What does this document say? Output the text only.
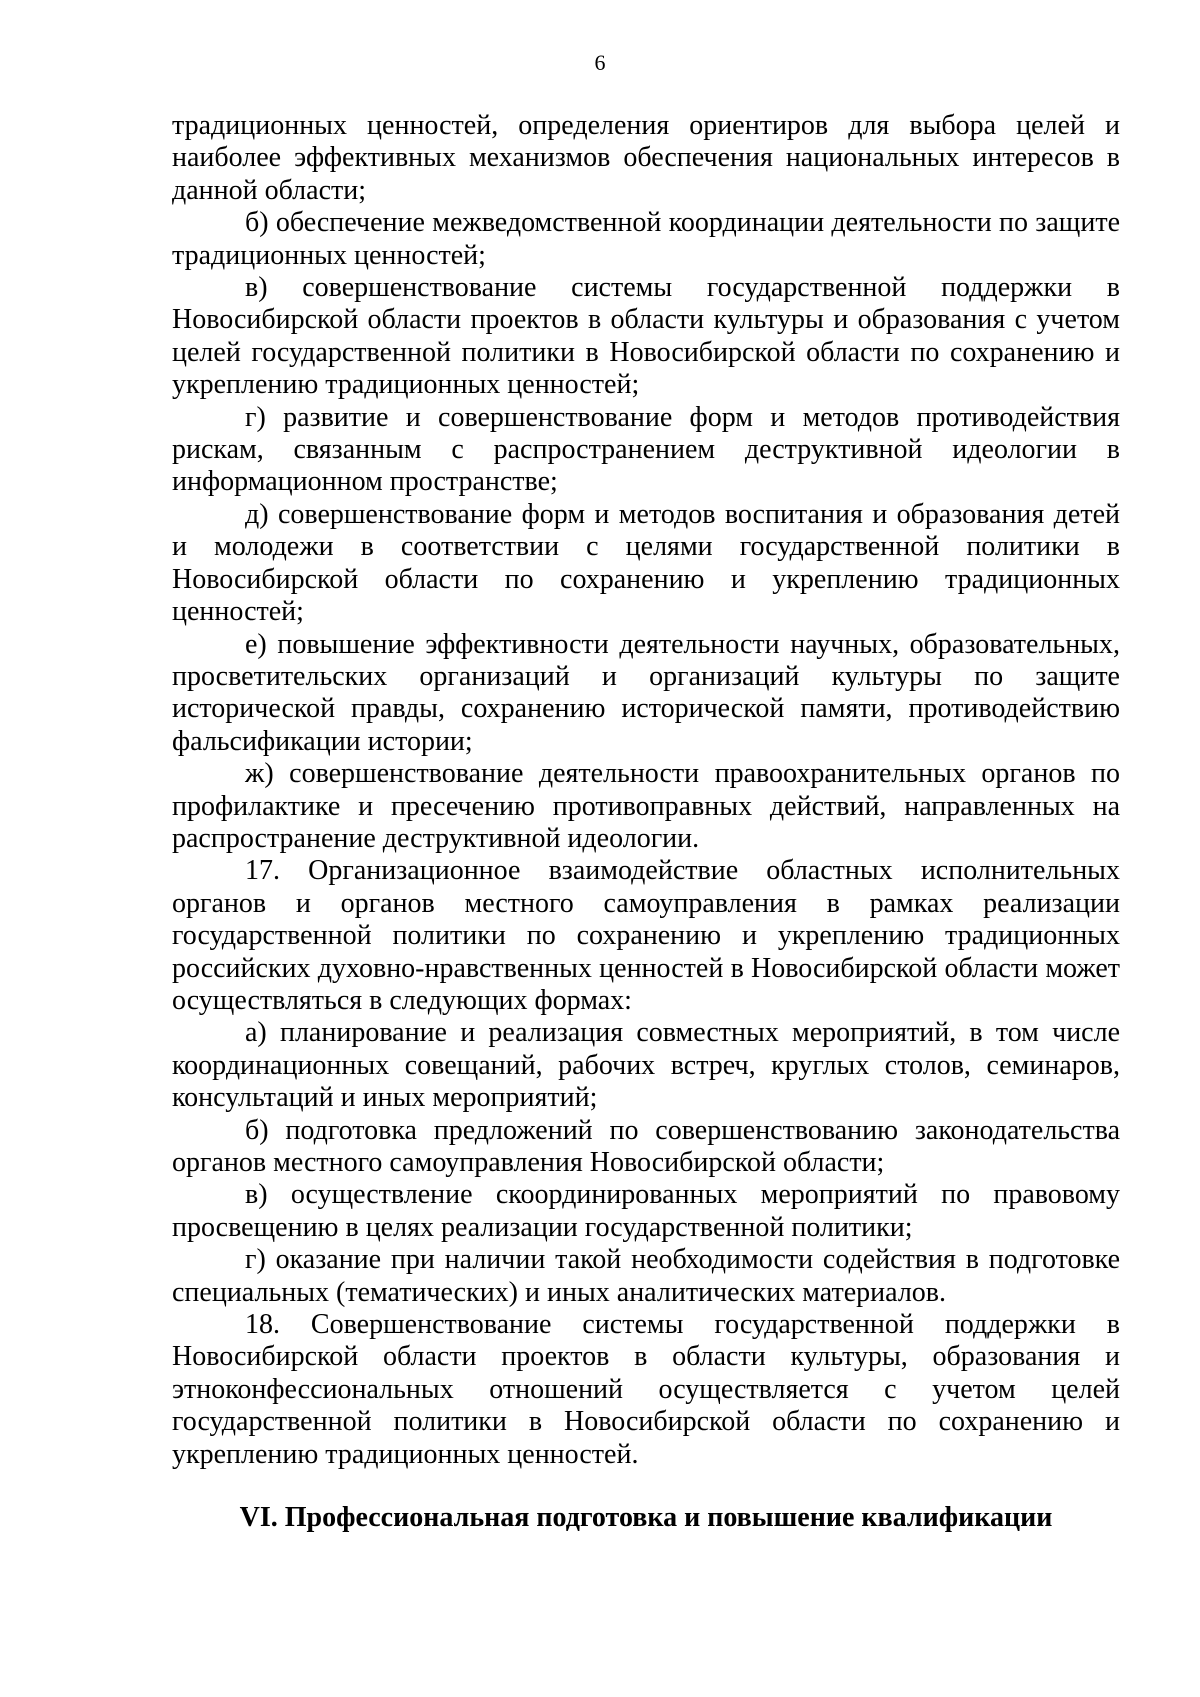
6

традиционных ценностей, определения ориентиров для выбора целей и наиболее эффективных механизмов обеспечения национальных интересов в данной области;

б) обеспечение межведомственной координации деятельности по защите традиционных ценностей;

в) совершенствование системы государственной поддержки в Новосибирской области проектов в области культуры и образования с учетом целей государственной политики в Новосибирской области по сохранению и укреплению традиционных ценностей;

г) развитие и совершенствование форм и методов противодействия рискам, связанным с распространением деструктивной идеологии в информационном пространстве;

д) совершенствование форм и методов воспитания и образования детей и молодежи в соответствии с целями государственной политики в Новосибирской области по сохранению и укреплению традиционных ценностей;

е) повышение эффективности деятельности научных, образовательных, просветительских организаций и организаций культуры по защите исторической правды, сохранению исторической памяти, противодействию фальсификации истории;

ж) совершенствование деятельности правоохранительных органов по профилактике и пресечению противоправных действий, направленных на распространение деструктивной идеологии.

17. Организационное взаимодействие областных исполнительных органов и органов местного самоуправления в рамках реализации государственной политики по сохранению и укреплению традиционных российских духовно-нравственных ценностей в Новосибирской области может осуществляться в следующих формах:

а) планирование и реализация совместных мероприятий, в том числе координационных совещаний, рабочих встреч, круглых столов, семинаров, консультаций и иных мероприятий;

б) подготовка предложений по совершенствованию законодательства органов местного самоуправления Новосибирской области;

в) осуществление скоординированных мероприятий по правовому просвещению в целях реализации государственной политики;

г) оказание при наличии такой необходимости содействия в подготовке специальных (тематических) и иных аналитических материалов.

18. Совершенствование системы государственной поддержки в Новосибирской области проектов в области культуры, образования и этноконфессиональных отношений осуществляется с учетом целей государственной политики в Новосибирской области по сохранению и укреплению традиционных ценностей.

VI. Профессиональная подготовка и повышение квалификации
